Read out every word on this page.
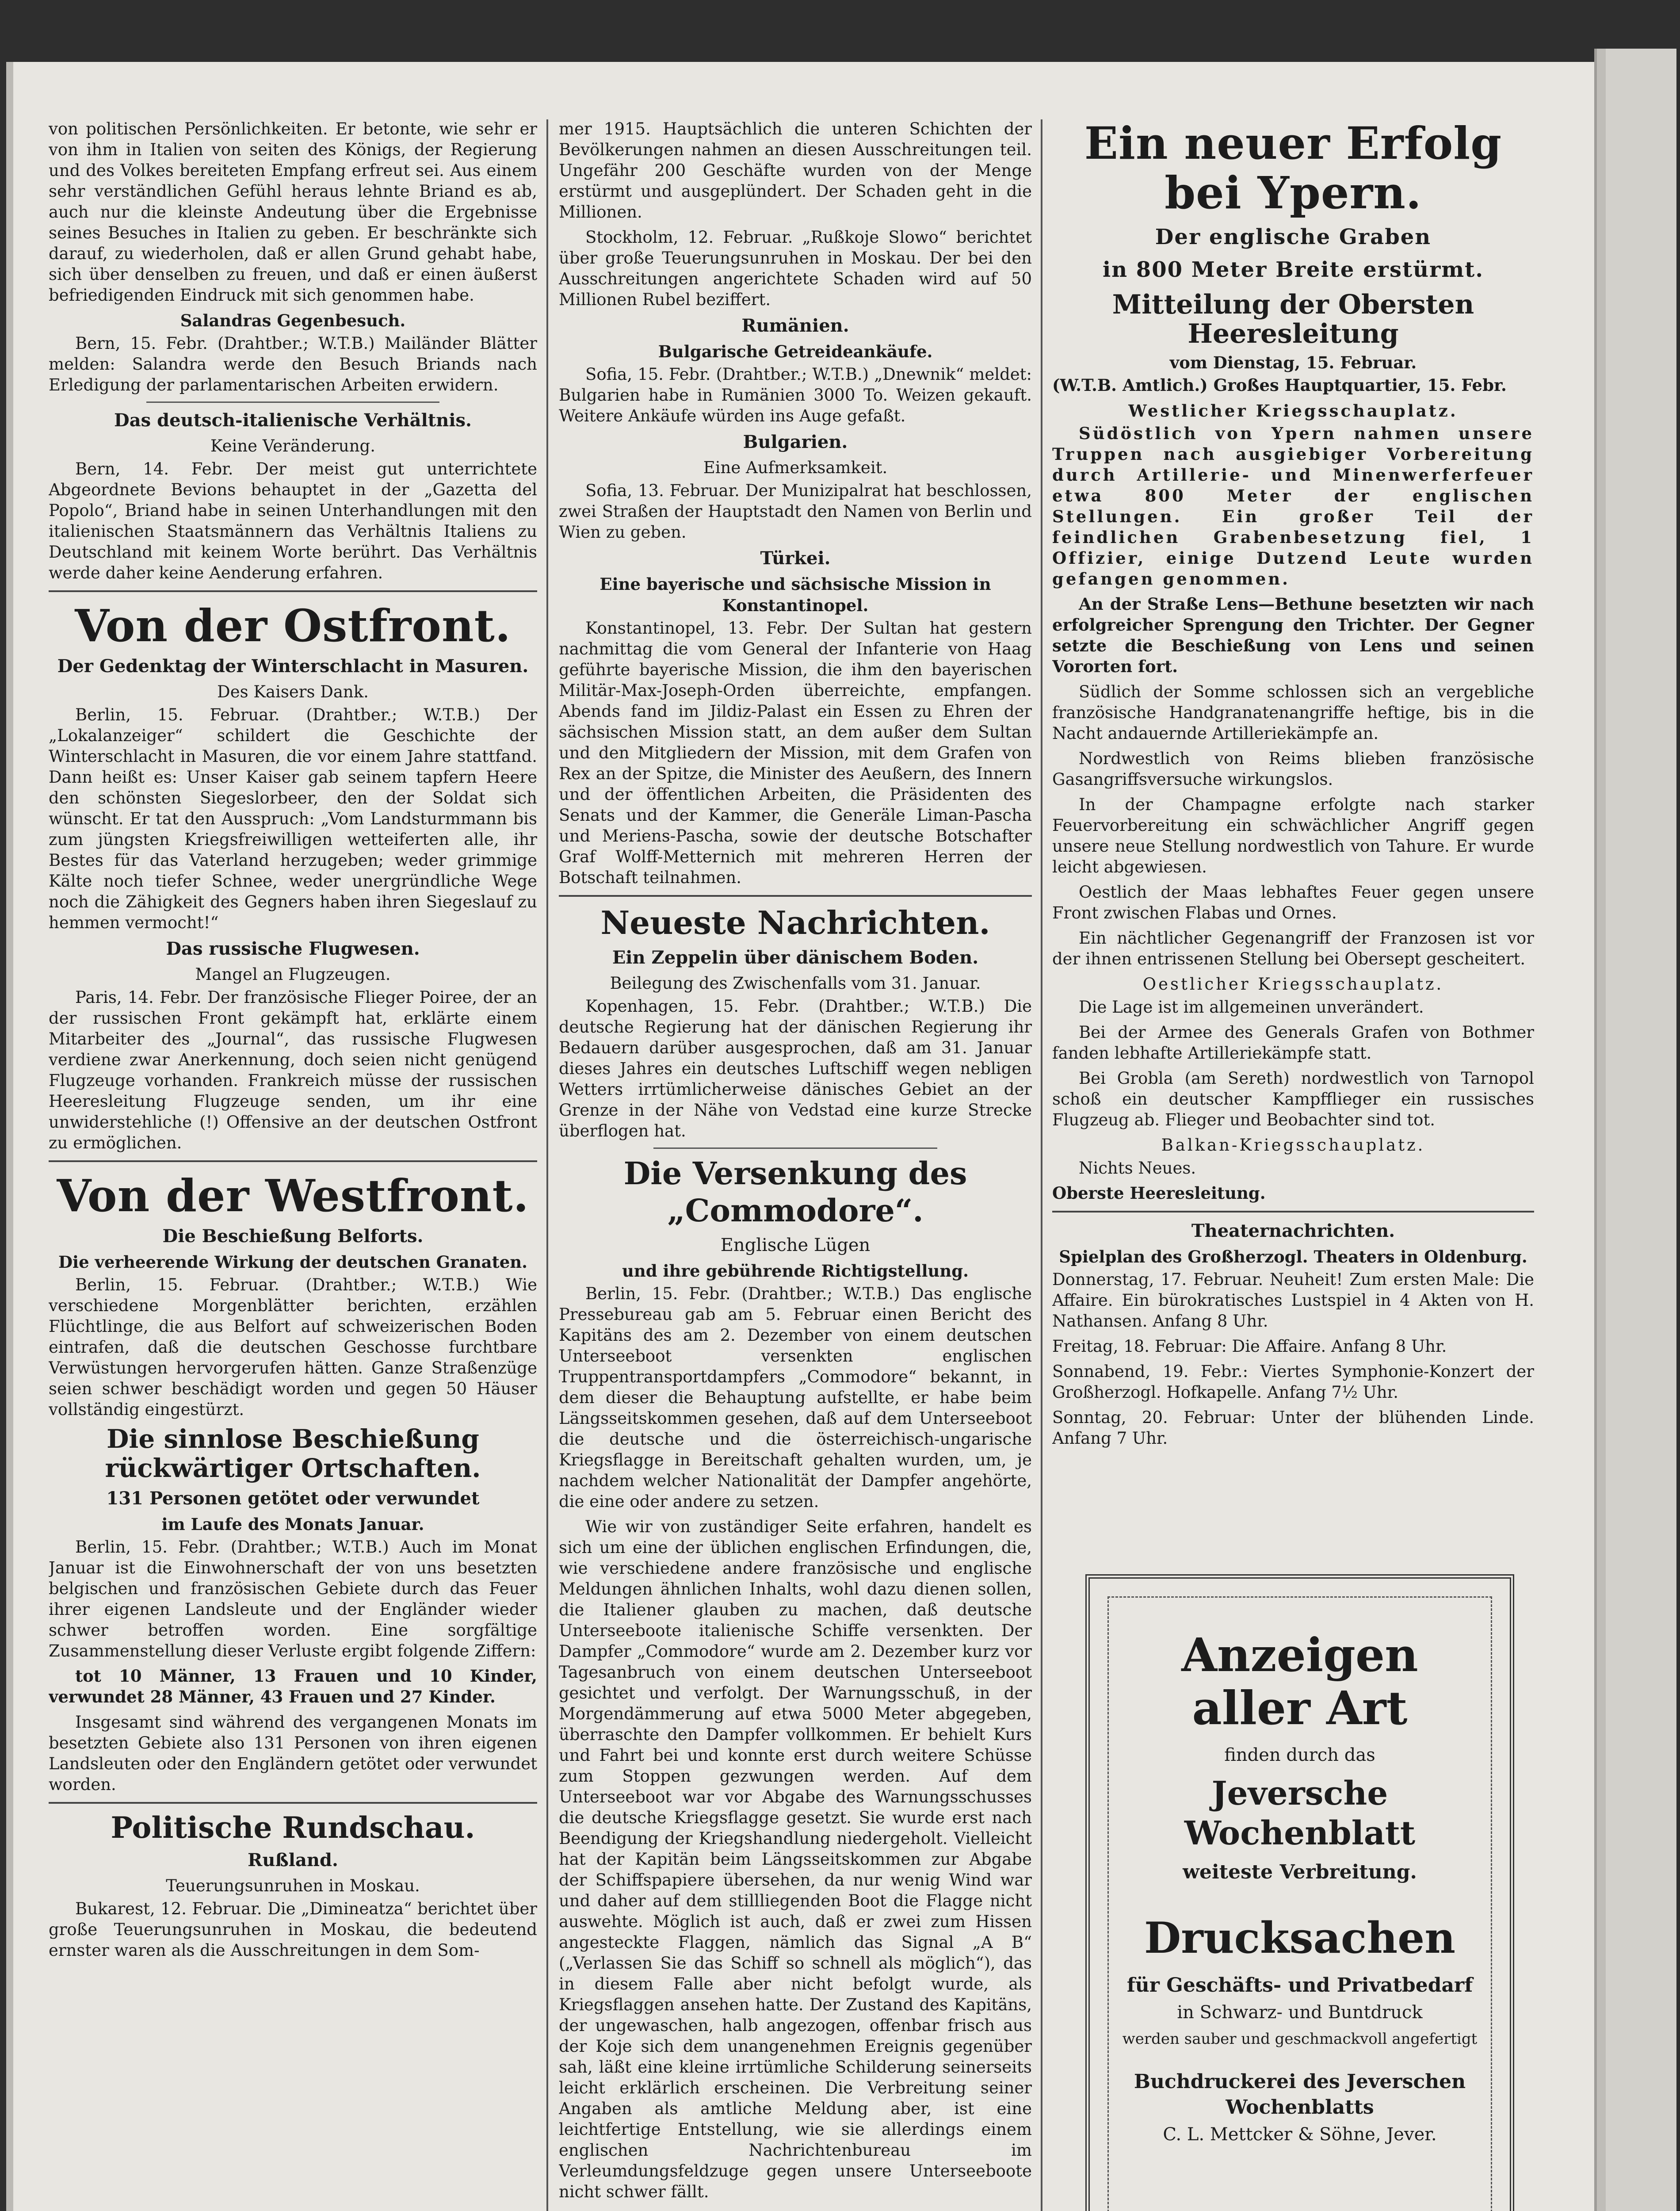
von politischen Persönlichkeiten. Er betonte, wie sehr er von ihm in Italien von seiten des Königs, der Regierung und des Volkes bereiteten Empfang erfreut sei. Aus einem sehr verständlichen Gefühl heraus lehnte Briand es ab, auch nur die kleinste Andeutung über die Ergebnisse seines Besuches in Italien zu geben. Er beschränkte sich darauf, zu wiederholen, daß er allen Grund gehabt habe, sich über denselben zu freuen, und daß er einen äußerst befriedigenden Eindruck mit sich genommen habe.

Salandras Gegenbesuch.

Bern, 15. Febr. (Drahtber.; W.T.B.) Mailänder Blätter melden: Salandra werde den Besuch Briands nach Erledigung der parlamentarischen Arbeiten erwidern.

Das deutsch-italienische Verhältnis.
Keine Veränderung.

Bern, 14. Febr. Der meist gut unterrichtete Abgeordnete Bevions behauptet in der „Gazetta del Popolo“, Briand habe in seinen Unterhandlungen mit den italienischen Staatsmännern das Verhältnis Italiens zu Deutschland mit keinem Worte berührt. Das Verhältnis werde daher keine Aenderung erfahren.

Von der Ostfront.
Der Gedenktag der Winterschlacht in Masuren.
Des Kaisers Dank.

Berlin, 15. Februar. (Drahtber.; W.T.B.) Der „Lokalanzeiger“ schildert die Geschichte der Winterschlacht in Masuren, die vor einem Jahre stattfand. Dann heißt es: Unser Kaiser gab seinem tapfern Heere den schönsten Siegeslorbeer, den der Soldat sich wünscht. Er tat den Ausspruch: „Vom Landsturmmann bis zum jüngsten Kriegsfreiwilligen wetteiferten alle, ihr Bestes für das Vaterland herzugeben; weder grimmige Kälte noch tiefer Schnee, weder unergründliche Wege noch die Zähigkeit des Gegners haben ihren Siegeslauf zu hemmen vermocht!“

Das russische Flugwesen.
Mangel an Flugzeugen.

Paris, 14. Febr. Der französische Flieger Poiree, der an der russischen Front gekämpft hat, erklärte einem Mitarbeiter des „Journal“, das russische Flugwesen verdiene zwar Anerkennung, doch seien nicht genügend Flugzeuge vorhanden. Frankreich müsse der russischen Heeresleitung Flugzeuge senden, um ihr eine unwiderstehliche (!) Offensive an der deutschen Ostfront zu ermöglichen.

Von der Westfront.
Die Beschießung Belforts.
Die verheerende Wirkung der deutschen Granaten.

Berlin, 15. Februar. (Drahtber.; W.T.B.) Wie verschiedene Morgenblätter berichten, erzählen Flüchtlinge, die aus Belfort auf schweizerischen Boden eintrafen, daß die deutschen Geschosse furchtbare Verwüstungen hervorgerufen hätten. Ganze Straßenzüge seien schwer beschädigt worden und gegen 50 Häuser vollständig eingestürzt.

Die sinnlose Beschießung rückwärtiger Ortschaften.
131 Personen getötet oder verwundet
im Laufe des Monats Januar.

Berlin, 15. Febr. (Drahtber.; W.T.B.) Auch im Monat Januar ist die Einwohnerschaft der von uns besetzten belgischen und französischen Gebiete durch das Feuer ihrer eigenen Landsleute und der Engländer wieder schwer betroffen worden. Eine sorgfältige Zusammenstellung dieser Verluste ergibt folgende Ziffern:

tot 10 Männer, 13 Frauen und 10 Kinder, verwundet 28 Männer, 43 Frauen und 27 Kinder.

Insgesamt sind während des vergangenen Monats im besetzten Gebiete also 131 Personen von ihren eigenen Landsleuten oder den Engländern getötet oder verwundet worden.

Politische Rundschau.
Rußland.
Teuerungsunruhen in Moskau.

Bukarest, 12. Februar. Die „Dimineatza“ berichtet über große Teuerungsunruhen in Moskau, die bedeutend ernster waren als die Ausschreitungen in dem Som-

mer 1915. Hauptsächlich die unteren Schichten der Bevölkerungen nahmen an diesen Ausschreitungen teil. Ungefähr 200 Geschäfte wurden von der Menge erstürmt und ausgeplündert. Der Schaden geht in die Millionen.

Stockholm, 12. Februar. „Rußkoje Slowo“ berichtet über große Teuerungsunruhen in Moskau. Der bei den Ausschreitungen angerichtete Schaden wird auf 50 Millionen Rubel beziffert.

Rumänien.
Bulgarische Getreideankäufe.

Sofia, 15. Febr. (Drahtber.; W.T.B.) „Dnewnik“ meldet: Bulgarien habe in Rumänien 3000 To. Weizen gekauft. Weitere Ankäufe würden ins Auge gefaßt.

Bulgarien.
Eine Aufmerksamkeit.

Sofia, 13. Februar. Der Munizipalrat hat beschlossen, zwei Straßen der Hauptstadt den Namen von Berlin und Wien zu geben.

Türkei.
Eine bayerische und sächsische Mission in Konstantinopel.

Konstantinopel, 13. Febr. Der Sultan hat gestern nachmittag die vom General der Infanterie von Haag geführte bayerische Mission, die ihm den bayerischen Militär-Max-Joseph-Orden überreichte, empfangen. Abends fand im Jildiz-Palast ein Essen zu Ehren der sächsischen Mission statt, an dem außer dem Sultan und den Mitgliedern der Mission, mit dem Grafen von Rex an der Spitze, die Minister des Aeußern, des Innern und der öffentlichen Arbeiten, die Präsidenten des Senats und der Kammer, die Generäle Liman-Pascha und Meriens-Pascha, sowie der deutsche Botschafter Graf Wolff-Metternich mit mehreren Herren der Botschaft teilnahmen.

Neueste Nachrichten.
Ein Zeppelin über dänischem Boden.
Beilegung des Zwischenfalls vom 31. Januar.

Kopenhagen, 15. Febr. (Drahtber.; W.T.B.) Die deutsche Regierung hat der dänischen Regierung ihr Bedauern darüber ausgesprochen, daß am 31. Januar dieses Jahres ein deutsches Luftschiff wegen nebligen Wetters irrtümlicherweise dänisches Gebiet an der Grenze in der Nähe von Vedstad eine kurze Strecke überflogen hat.

Die Versenkung des „Commodore“.
Englische Lügen
und ihre gebührende Richtigstellung.

Berlin, 15. Febr. (Drahtber.; W.T.B.) Das englische Pressebureau gab am 5. Februar einen Bericht des Kapitäns des am 2. Dezember von einem deutschen Unterseeboot versenkten englischen Truppentransportdampfers „Commodore“ bekannt, in dem dieser die Behauptung aufstellte, er habe beim Längsseitskommen gesehen, daß auf dem Unterseeboot die deutsche und die österreichisch-ungarische Kriegsflagge in Bereitschaft gehalten wurden, um, je nachdem welcher Nationalität der Dampfer angehörte, die eine oder andere zu setzen.

Wie wir von zuständiger Seite erfahren, handelt es sich um eine der üblichen englischen Erfindungen, die, wie verschiedene andere französische und englische Meldungen ähnlichen Inhalts, wohl dazu dienen sollen, die Italiener glauben zu machen, daß deutsche Unterseeboote italienische Schiffe versenkten. Der Dampfer „Commodore“ wurde am 2. Dezember kurz vor Tagesanbruch von einem deutschen Unterseeboot gesichtet und verfolgt. Der Warnungsschuß, in der Morgendämmerung auf etwa 5000 Meter abgegeben, überraschte den Dampfer vollkommen. Er behielt Kurs und Fahrt bei und konnte erst durch weitere Schüsse zum Stoppen gezwungen werden. Auf dem Unterseeboot war vor Abgabe des Warnungsschusses die deutsche Kriegsflagge gesetzt. Sie wurde erst nach Beendigung der Kriegshandlung niedergeholt. Vielleicht hat der Kapitän beim Längsseitskommen zur Abgabe der Schiffspapiere übersehen, da nur wenig Wind war und daher auf dem stillliegenden Boot die Flagge nicht auswehte. Möglich ist auch, daß er zwei zum Hissen angesteckte Flaggen, nämlich das Signal „A B“ („Verlassen Sie das Schiff so schnell als möglich“), das in diesem Falle aber nicht befolgt wurde, als Kriegsflaggen ansehen hatte. Der Zustand des Kapitäns, der ungewaschen, halb angezogen, offenbar frisch aus der Koje sich dem unangenehmen Ereignis gegenüber sah, läßt eine kleine irrtümliche Schilderung seinerseits leicht erklärlich erscheinen. Die Verbreitung seiner Angaben als amtliche Meldung aber, ist eine leichtfertige Entstellung, wie sie allerdings einem englischen Nachrichtenbureau im Verleumdungsfeldzuge gegen unsere Unterseeboote nicht schwer fällt.

Ein neuer Erfolg bei Ypern.
Der englische Graben
in 800 Meter Breite erstürmt.
Mitteilung der Obersten Heeresleitung
vom Dienstag, 15. Februar.

(W.T.B. Amtlich.) Großes Hauptquartier, 15. Febr.

Westlicher Kriegsschauplatz.

Südöstlich von Ypern nahmen unsere Truppen nach ausgiebiger Vorbereitung durch Artillerie- und Minenwerferfeuer etwa 800 Meter der englischen Stellungen. Ein großer Teil der feindlichen Grabenbesetzung fiel, 1 Offizier, einige Dutzend Leute wurden gefangen genommen.

An der Straße Lens—Bethune besetzten wir nach erfolgreicher Sprengung den Trichter. Der Gegner setzte die Beschießung von Lens und seinen Vororten fort.

Südlich der Somme schlossen sich an vergebliche französische Handgranatenangriffe heftige, bis in die Nacht andauernde Artilleriekämpfe an.

Nordwestlich von Reims blieben französische Gasangriffsversuche wirkungslos.

In der Champagne erfolgte nach starker Feuervorbereitung ein schwächlicher Angriff gegen unsere neue Stellung nordwestlich von Tahure. Er wurde leicht abgewiesen.

Oestlich der Maas lebhaftes Feuer gegen unsere Front zwischen Flabas und Ornes.

Ein nächtlicher Gegenangriff der Franzosen ist vor der ihnen entrissenen Stellung bei Obersept gescheitert.

Oestlicher Kriegsschauplatz.

Die Lage ist im allgemeinen unverändert.

Bei der Armee des Generals Grafen von Bothmer fanden lebhafte Artilleriekämpfe statt.

Bei Grobla (am Sereth) nordwestlich von Tarnopol schoß ein deutscher Kampfflieger ein russisches Flugzeug ab. Flieger und Beobachter sind tot.

Balkan-Kriegsschauplatz.

Nichts Neues.

Oberste Heeresleitung.

Theaternachrichten.
Spielplan des Großherzogl. Theaters in Oldenburg.

Donnerstag, 17. Februar. Neuheit! Zum ersten Male: Die Affaire. Ein bürokratisches Lustspiel in 4 Akten von H. Nathansen. Anfang 8 Uhr.

Freitag, 18. Februar: Die Affaire. Anfang 8 Uhr.

Sonnabend, 19. Febr.: Viertes Symphonie-Konzert der Großherzogl. Hofkapelle. Anfang 7½ Uhr.

Sonntag, 20. Februar: Unter der blühenden Linde. Anfang 7 Uhr.

Anzeigen aller Art
finden durch das
Jeversche Wochenblatt
weiteste Verbreitung.
Drucksachen
für Geschäfts- und Privatbedarf
in Schwarz- und Buntdruck
werden sauber und geschmackvoll angefertigt
Buchdruckerei des Jeverschen Wochenblatts
C. L. Mettcker & Söhne, Jever.
